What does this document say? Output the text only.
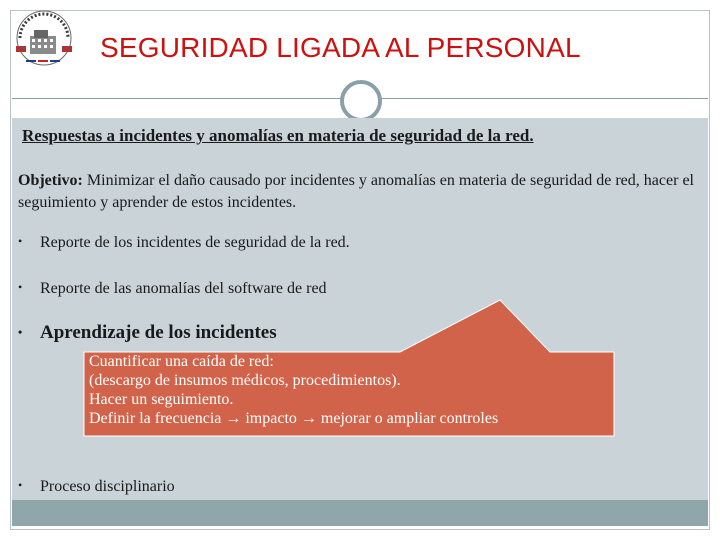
SEGURIDAD LIGADA AL PERSONAL
Respuestas a incidentes y anomalías en materia de seguridad de la red.
Objetivo: Minimizar el daño causado por incidentes y anomalías en materia de seguridad de red, hacer el seguimiento y aprender de estos incidentes.
• Reporte de los incidentes de seguridad de la red.
• Reporte de las anomalías del software de red
• Aprendizaje de los incidentes
Cuantificar una caída de red:
(descargo de insumos médicos, procedimientos).
Hacer un seguimiento.
Definir la frecuencia → impacto → mejorar o ampliar controles
• Proceso disciplinario
